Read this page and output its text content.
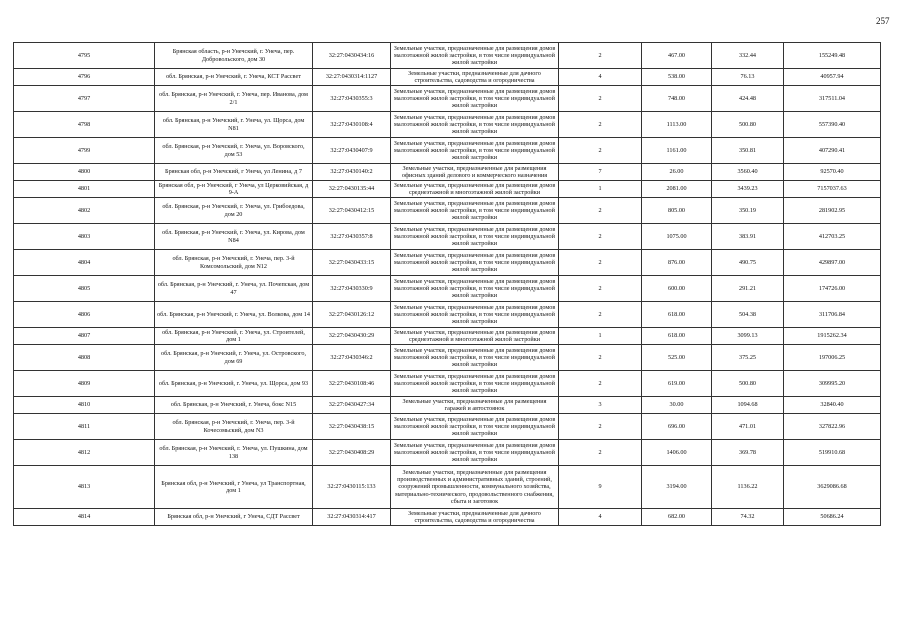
257
4795	Брянская область, р-н Унечский, г. Унеча, пер. Добровольского, дом 30	32:27:0430434:16	Земельные участки, предназначенные для размещения домов малоэтажной жилой застройки, в том числе индивидуальной жилой застройки	2	467.00	332.44	155249.48
4796	обл. Брянская, р-н Унечский, г. Унеча, КСТ Рассвет	32:27:0430314:1127	Земельные участки, предназначенные для дачного строительства, садоводства и огородничества	4	538.00	76.13	40957.94
4797	обл. Брянская, р-н Унечский, г. Унеча, пер. Иванова, дом 2/1	32:27:0430355:3	Земельные участки, предназначенные для размещения домов малоэтажной жилой застройки, в том числе индивидуальной жилой застройки	2	748.00	424.48	317511.04
4798	обл. Брянская, р-н Унечский, г. Унеча, ул. Щорса, дом N81	32:27:0430108:4	Земельные участки, предназначенные для размещения домов малоэтажной жилой застройки, в том числе индивидуальной жилой застройки	2	1113.00	500.80	557390.40
4799	обл. Брянская, р-н Унечский, г. Унеча, ул. Воровского, дом 53	32:27:0430407:9	Земельные участки, предназначенные для размещения домов малоэтажной жилой застройки, в том числе индивидуальной жилой застройки	2	1161.00	350.81	407290.41
4800	Брянская обл, р-н Унечский, г Унеча, ул Ленина, д 7	32:27:0430140:2	Земельные участки, предназначенные для размещения офисных зданий делового и коммерческого назначения	7	26.00	3560.40	92570.40
4801	Брянская обл, р-н Унечский, г Унеча, ул Церковийская, д 9-А	32:27:0430135:44	Земельные участки, предназначенные для размещения домов среднеэтажной и многоэтажной жилой застройки	1	2081.00	3439.23	7157037.63
4802	обл. Брянская, р-н Унечский, г. Унеча, ул. Грибоедова, дом 20	32:27:0430412:15	Земельные участки, предназначенные для размещения домов малоэтажной жилой застройки, в том числе индивидуальной жилой застройки	2	805.00	350.19	281902.95
4803	обл. Брянская, р-н Унечский, г. Унеча, ул. Кирова, дом N84	32:27:0430357:8	Земельные участки, предназначенные для размещения домов малоэтажной жилой застройки, в том числе индивидуальной жилой застройки	2	1075.00	383.91	412703.25
4804	обл. Брянская, р-н Унечский, г. Унеча, пер. 3-й Комсомольский, дом N12	32:27:0430433:15	Земельные участки, предназначенные для размещения домов малоэтажной жилой застройки, в том числе индивидуальной жилой застройки	2	876.00	490.75	429897.00
4805	обл. Брянская, р-н Унечский, г. Унеча, ул. Почепская, дом 47	32:27:0430330:9	Земельные участки, предназначенные для размещения домов малоэтажной жилой застройки, в том числе индивидуальной жилой застройки	2	600.00	291.21	174726.00
4806	обл. Брянская, р-н Унечский, г. Унеча, ул. Волкова, дом 14	32:27:0430126:12	Земельные участки, предназначенные для размещения домов малоэтажной жилой застройки, в том числе индивидуальной жилой застройки	2	618.00	504.38	311706.84
4807	обл. Брянская, р-н Унечский, г. Унеча, ул. Строителей, дом 1	32:27:0430430:29	Земельные участки, предназначенные для размещения домов среднеэтажной и многоэтажной жилой застройки	1	618.00	3099.13	1915262.34
4808	обл. Брянская, р-н Унечский, г. Унеча, ул. Островского, дом 69	32:27:0430346:2	Земельные участки, предназначенные для размещения домов малоэтажной жилой застройки, в том числе индивидуальной жилой застройки	2	525.00	375.25	197006.25
4809	обл. Брянская, р-н Унечский, г. Унеча, ул. Щорса, дом 93	32:27:0430108:46	Земельные участки, предназначенные для размещения домов малоэтажной жилой застройки, в том числе индивидуальной жилой застройки	2	619.00	500.80	309995.20
4810	обл. Брянская, р-н Унечский, г. Унеча, бокс N15	32:27:0430427:34	Земельные участки, предназначенные для размещения гаражей и автостоянок	3	30.00	1094.68	32840.40
4811	обл. Брянская, р-н Унечский, г. Унеча, пер. 3-й Кочесомьский, дом N3	32:27:0430438:15	Земельные участки, предназначенные для размещения домов малоэтажной жилой застройки, в том числе индивидуальной жилой застройки	2	696.00	471.01	327822.96
4812	обл. Брянская, р-н Унечский, г. Унеча, ул. Пушкина, дом 138	32:27:0430408:29	Земельные участки, предназначенные для размещения домов малоэтажной жилой застройки, в том числе индивидуальной жилой застройки	2	1406.00	369.78	519910.68
4813	Брянская обл, р-н Унечский, г Унеча, ул Транспортная, дом 1	32:27:0430115:133	Земельные участки, предназначенные для размещения производственных и административных зданий, строений, сооружений промышленности, коммунального хозяйства, материально-технического, продовольственного снабжения, сбыта и заготовок	9	3194.00	1136.22	3629086.68
4814	Брянская обл, р-н Унечский, г Унеча, СДТ Рассвет	32:27:0430314:417	Земельные участки, предназначенные для дачного строительства, садоводства и огородничества	4	682.00	74.32	50686.24
